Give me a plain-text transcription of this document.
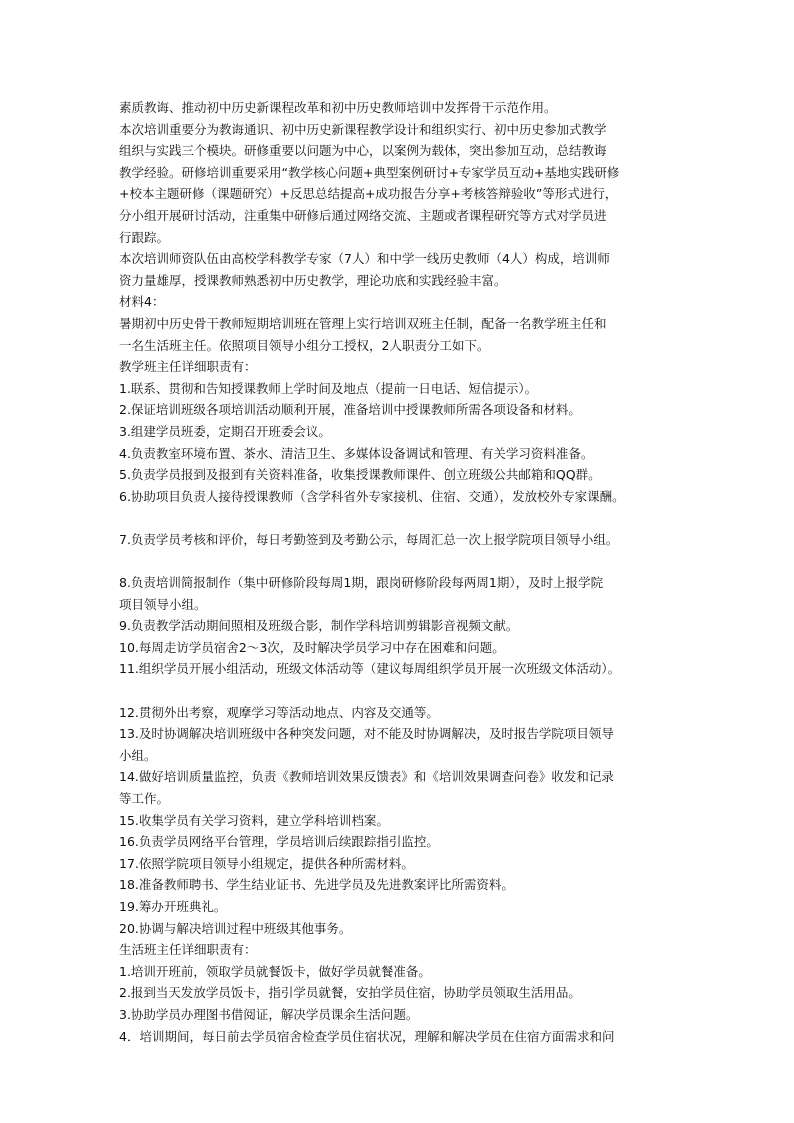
素质教诲、推动初中历史新课程改革和初中历史教师培训中发挥骨干示范作用。
本次培训重要分为教诲通识、初中历史新课程教学设计和组织实行、初中历史参加式教学
组织与实践三个模块。研修重要以问题为中心，以案例为载体，突出参加互动，总结教诲
教学经验。研修培训重要采用“教学核心问题+典型案例研讨+专家学员互动+基地实践研修
+校本主题研修（课题研究）+反思总结提高+成功报告分享+考核答辩验收”等形式进行，
分小组开展研讨活动，注重集中研修后通过网络交流、主题或者课程研究等方式对学员进
行跟踪。
本次培训师资队伍由高校学科教学专家（7人）和中学一线历史教师（4人）构成，培训师
资力量雄厚，授课教师熟悉初中历史教学，理论功底和实践经验丰富。
材料4：
暑期初中历史骨干教师短期培训班在管理上实行培训双班主任制，配备一名教学班主任和
一名生活班主任。依照项目领导小组分工授权，2人职责分工如下。
教学班主任详细职责有：
1.联系、贯彻和告知授课教师上学时间及地点（提前一日电话、短信提示）。
2.保证培训班级各项培训活动顺利开展，准备培训中授课教师所需各项设备和材料。
3.组建学员班委，定期召开班委会议。
4.负责教室环境布置、茶水、清洁卫生、多媒体设备调试和管理、有关学习资料准备。
5.负责学员报到及报到有关资料准备，收集授课教师课件、创立班级公共邮箱和QQ群。
6.协助项目负责人接待授课教师（含学科省外专家接机、住宿、交通），发放校外专家课酬。
7.负责学员考核和评价，每日考勤签到及考勤公示，每周汇总一次上报学院项目领导小组。
8.负责培训简报制作（集中研修阶段每周1期，跟岗研修阶段每两周1期），及时上报学院
项目领导小组。
9.负责教学活动期间照相及班级合影，制作学科培训剪辑影音视频文献。
10.每周走访学员宿舍2～3次，及时解决学员学习中存在困难和问题。
11.组织学员开展小组活动，班级文体活动等（建议每周组织学员开展一次班级文体活动）。
12.贯彻外出考察，观摩学习等活动地点、内容及交通等。
13.及时协调解决培训班级中各种突发问题，对不能及时协调解决，及时报告学院项目领导
小组。
14.做好培训质量监控，负责《教师培训效果反馈表》和《培训效果调查问卷》收发和记录
等工作。
15.收集学员有关学习资料，建立学科培训档案。
16.负责学员网络平台管理，学员培训后续跟踪指引监控。
17.依照学院项目领导小组规定，提供各种所需材料。
18.准备教师聘书、学生结业证书、先进学员及先进教案评比所需资料。
19.筹办开班典礼。
20.协调与解决培训过程中班级其他事务。
生活班主任详细职责有：
1.培训开班前，领取学员就餐饭卡，做好学员就餐准备。
2.报到当天发放学员饭卡，指引学员就餐，安拍学员住宿，协助学员领取生活用品。
3.协助学员办理图书借阅证，解决学员课余生活问题。
4．培训期间，每日前去学员宿舍检查学员住宿状况，理解和解决学员在住宿方面需求和问
